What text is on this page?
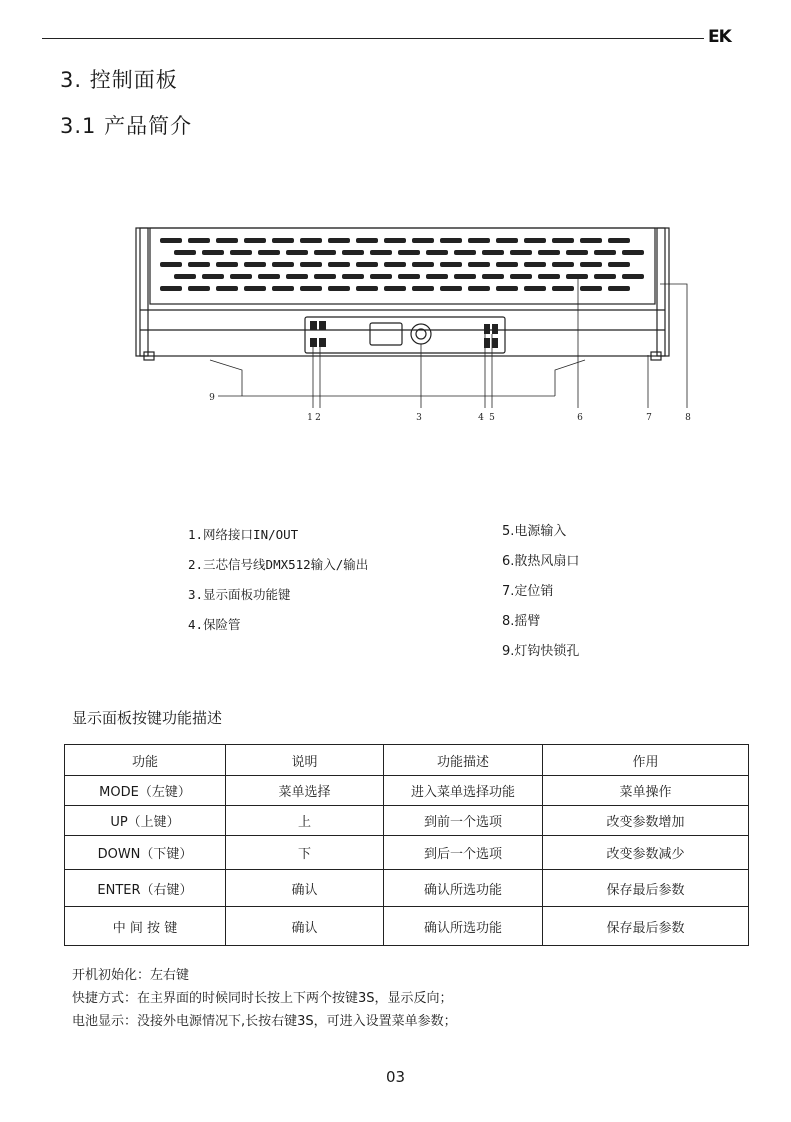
EK
3. 控制面板
3.1 产品简介
1 2	3	4 5	6	7	8
9
1.网络接口IN/OUT
2.三芯信号线DMX512输入/输出
3.显示面板功能键
4.保险管
5.电源输入
6.散热风扇口
7.定位销
8.摇臂
9.灯钩快锁孔
显示面板按键功能描述
功能	说明	功能描述	作用
MODE（左键）	菜单选择	进入菜单选择功能	菜单操作
UP（上键）	上	到前一个选项	改变参数增加
DOWN（下键）	下	到后一个选项	改变参数减少
ENTER（右键）	确认	确认所选功能	保存最后参数
中 间 按 键	确认	确认所选功能	保存最后参数
开机初始化：左右键
快捷方式：在主界面的时候同时长按上下两个按键3S，显示反向；
电池显示：没接外电源情况下,长按右键3S，可进入设置菜单参数；
03
